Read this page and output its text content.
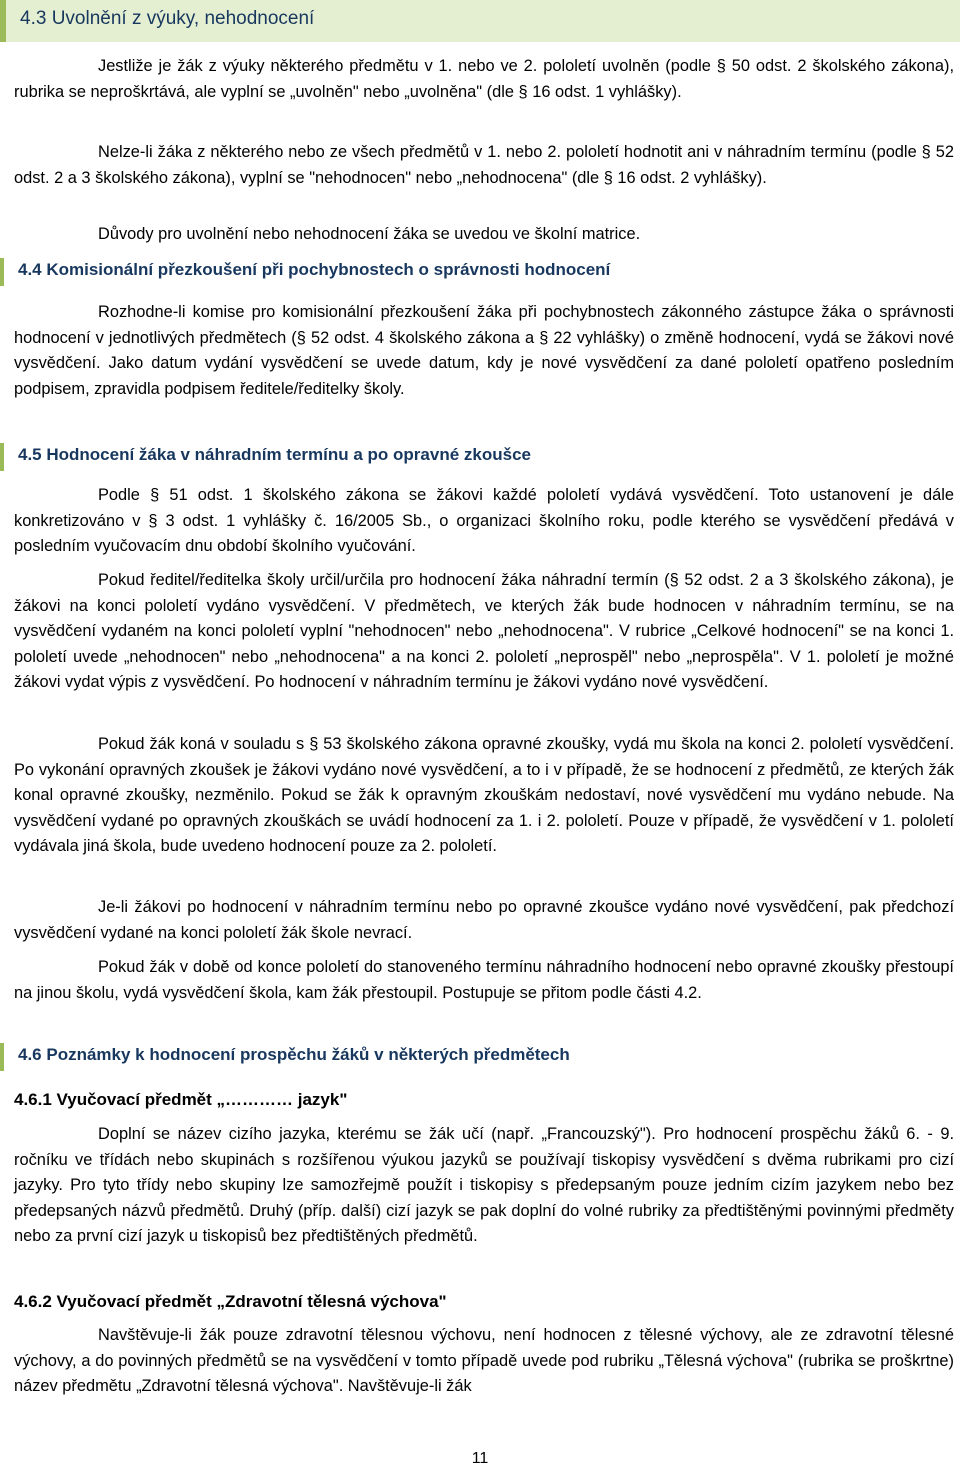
4.3 Uvolnění z výuky, nehodnocení
Jestliže je žák z výuky některého předmětu v 1. nebo ve 2. pololetí uvolněn (podle § 50 odst. 2 školského zákona), rubrika se neproškrtává, ale vyplní se „uvolněn" nebo „uvolněna" (dle § 16 odst. 1 vyhlášky).
Nelze-li žáka z některého nebo ze všech předmětů v 1. nebo 2. pololetí hodnotit ani v náhradním termínu (podle § 52 odst. 2 a 3 školského zákona), vyplní se "nehodnocen" nebo „nehodnocena" (dle § 16 odst. 2 vyhlášky).
Důvody pro uvolnění nebo nehodnocení žáka se uvedou ve školní matrice.
4.4 Komisionální přezkoušení při pochybnostech o správnosti hodnocení
Rozhodne-li komise pro komisionální přezkoušení žáka při pochybnostech zákonného zástupce žáka o správnosti hodnocení v jednotlivých předmětech (§ 52 odst. 4 školského zákona a § 22 vyhlášky) o změně hodnocení, vydá se žákovi nové vysvědčení. Jako datum vydání vysvědčení se uvede datum, kdy je nové vysvědčení za dané pololetí opatřeno posledním podpisem, zpravidla podpisem ředitele/ředitelky školy.
4.5 Hodnocení žáka v náhradním termínu a po opravné zkoušce
Podle § 51 odst. 1 školského zákona se žákovi každé pololetí vydává vysvědčení. Toto ustanovení je dále konkretizováno v § 3 odst. 1 vyhlášky č. 16/2005 Sb., o organizaci školního roku, podle kterého se vysvědčení předává v posledním vyučovacím dnu období školního vyučování.
Pokud ředitel/ředitelka školy určil/určila pro hodnocení žáka náhradní termín (§ 52 odst. 2 a 3 školského zákona), je žákovi na konci pololetí vydáno vysvědčení. V předmětech, ve kterých žák bude hodnocen v náhradním termínu, se na vysvědčení vydaném na konci pololetí vyplní "nehodnocen" nebo „nehodnocena". V rubrice „Celkové hodnocení" se na konci 1. pololetí uvede „nehodnocen" nebo „nehodnocena" a na konci 2. pololetí „neprospěl" nebo „neprospěla". V 1. pololetí je možné žákovi vydat výpis z vysvědčení. Po hodnocení v náhradním termínu je žákovi vydáno nové vysvědčení.
Pokud žák koná v souladu s § 53 školského zákona opravné zkoušky, vydá mu škola na konci 2. pololetí vysvědčení. Po vykonání opravných zkoušek je žákovi vydáno nové vysvědčení, a to i v případě, že se hodnocení z předmětů, ze kterých žák konal opravné zkoušky, nezměnilo. Pokud se žák k opravným zkouškám nedostaví, nové vysvědčení mu vydáno nebude. Na vysvědčení vydané po opravných zkouškách se uvádí hodnocení za 1. i 2. pololetí. Pouze v případě, že vysvědčení v 1. pololetí vydávala jiná škola, bude uvedeno hodnocení pouze za 2. pololetí.
Je-li žákovi po hodnocení v náhradním termínu nebo po opravné zkoušce vydáno nové vysvědčení, pak předchozí vysvědčení vydané na konci pololetí žák škole nevrací.
Pokud žák v době od konce pololetí do stanoveného termínu náhradního hodnocení nebo opravné zkoušky přestoupí na jinou školu, vydá vysvědčení škola, kam žák přestoupil. Postupuje se přitom podle části 4.2.
4.6 Poznámky k hodnocení prospěchu žáků v některých předmětech
4.6.1 Vyučovací předmět „………… jazyk"
Doplní se název cizího jazyka, kterému se žák učí (např. „Francouzský"). Pro hodnocení prospěchu žáků 6. - 9. ročníku ve třídách nebo skupinách s rozšířenou výukou jazyků se používají tiskopisy vysvědčení s dvěma rubrikami pro cizí jazyky. Pro tyto třídy nebo skupiny lze samozřejmě použít i tiskopisy s předepsaným pouze jedním cizím jazykem nebo bez předepsaných názvů předmětů. Druhý (příp. další) cizí jazyk se pak doplní do volné rubriky za předtištěnými povinnými předměty nebo za první cizí jazyk u tiskopisů bez předtištěných předmětů.
4.6.2 Vyučovací předmět „Zdravotní tělesná výchova"
Navštěvuje-li žák pouze zdravotní tělesnou výchovu, není hodnocen z tělesné výchovy, ale ze zdravotní tělesné výchovy, a do povinných předmětů se na vysvědčení v tomto případě uvede pod rubriku „Tělesná výchova" (rubrika se proškrtne) název předmětu „Zdravotní tělesná výchova". Navštěvuje-li žák
11
